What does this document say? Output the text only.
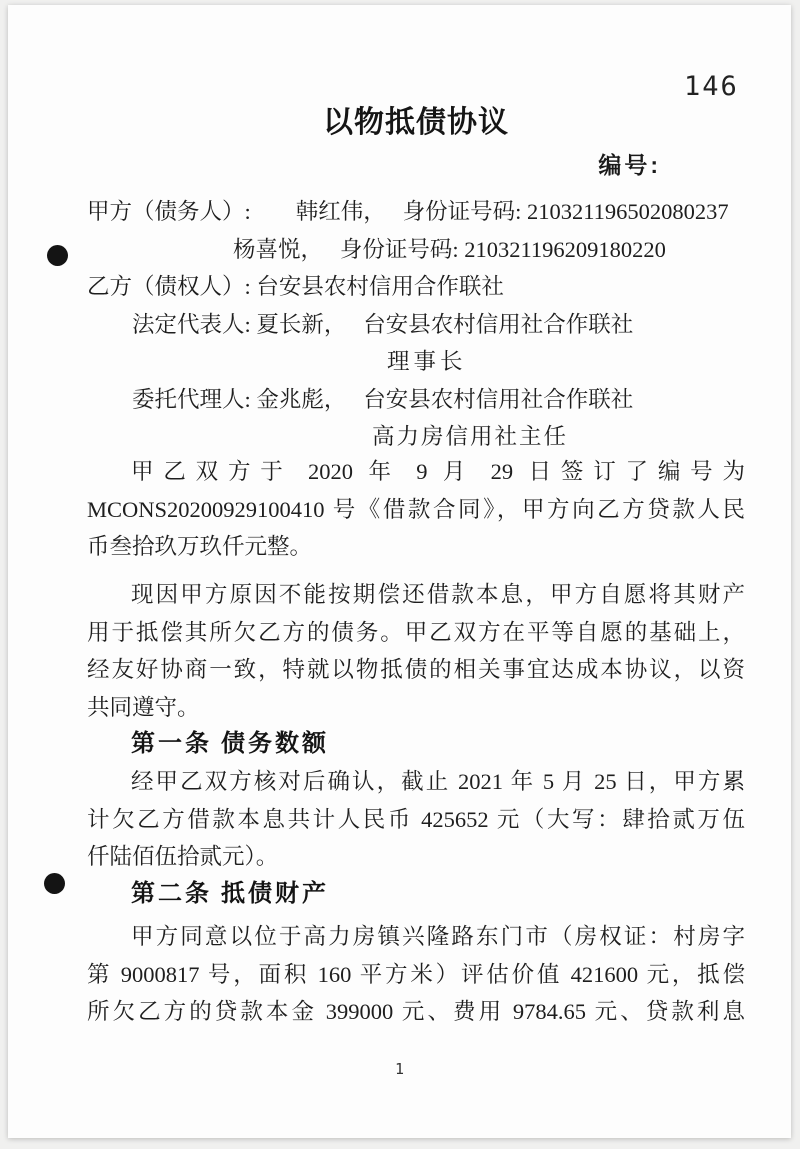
146
以物抵债协议
编号:
甲方（债务人）:　　韩红伟，　 身份证号码: 210321196502080237
杨喜悦，　 身份证号码: 210321196209180220
乙方（债权人）: 台安县农村信用合作联社
法定代表人: 夏长新，　 台安县农村信用社合作联社
理事长
委托代理人: 金兆彪，　 台安县农村信用社合作联社
高力房信用社主任
甲乙双方于 2020 年 9 月 29 日签订了编号为
MCONS20200929100410 号《借款合同》，甲方向乙方贷款人民
币叁拾玖万玖仟元整。
现因甲方原因不能按期偿还借款本息，甲方自愿将其财产
用于抵偿其所欠乙方的债务。甲乙双方在平等自愿的基础上，
经友好协商一致，特就以物抵债的相关事宜达成本协议，以资
共同遵守。
第一条 债务数额
经甲乙双方核对后确认，截止 2021 年 5 月 25 日，甲方累
计欠乙方借款本息共计人民币 425652 元（大写：肆拾贰万伍
仟陆佰伍拾贰元）。
第二条 抵债财产
甲方同意以位于高力房镇兴隆路东门市（房权证：村房字
第 9000817 号，面积 160 平方米）评估价值 421600 元，抵偿
所欠乙方的贷款本金 399000 元、费用 9784.65 元、贷款利息
1
